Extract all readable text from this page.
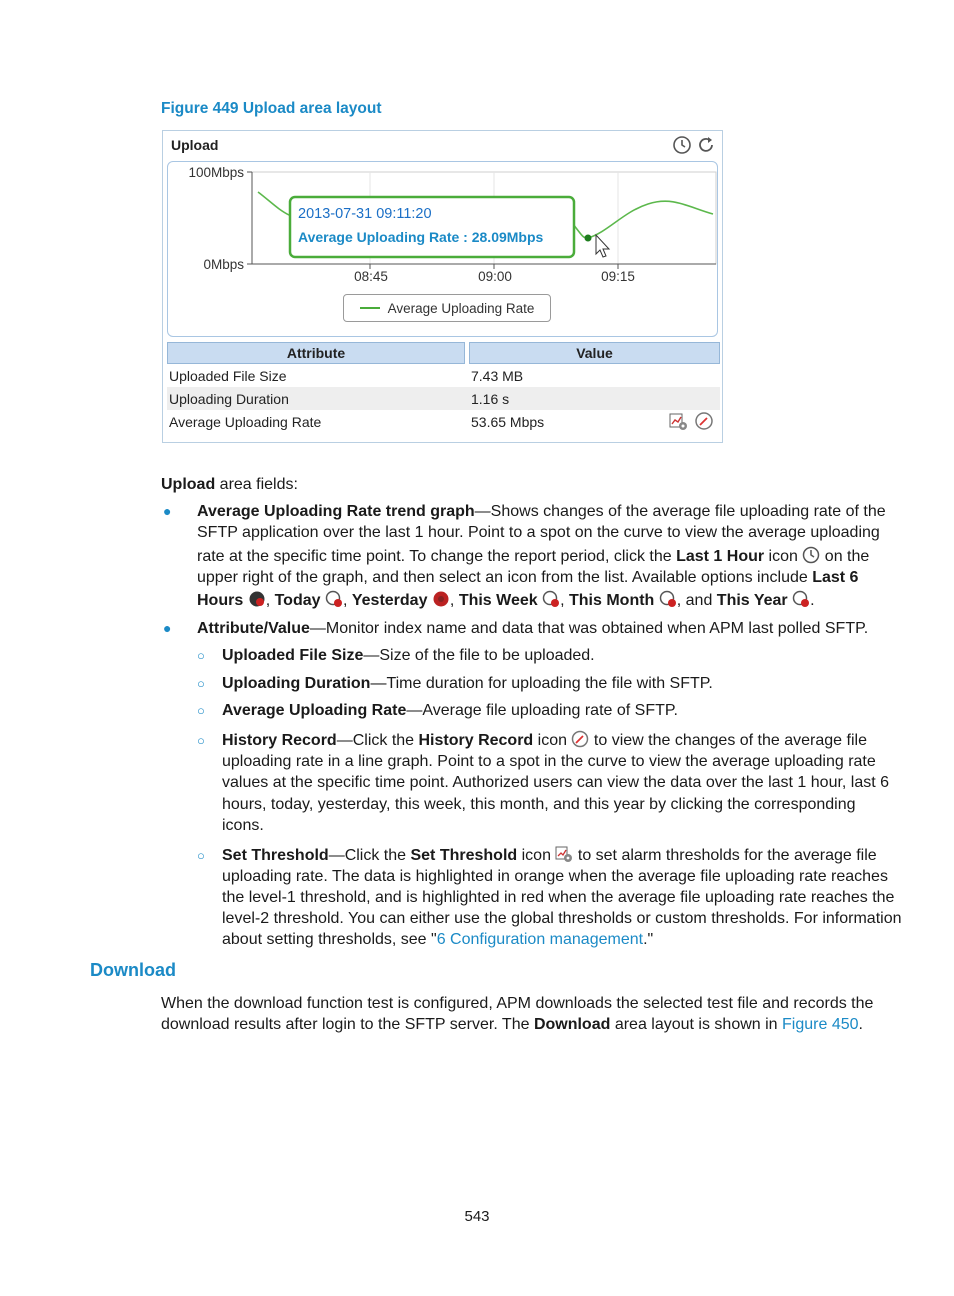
Figure 449 Upload area layout
Upload
100Mbps
0Mbps
08:45	09:00	09:15
2013-07-31 09:11:20
Average Uploading Rate : 28.09Mbps
Average Uploading Rate
Attribute		Value
Uploaded File Size		7.43 MB
Uploading Duration		1.16 s
Average Uploading Rate		53.65 Mbps
Upload area fields:
● Average Uploading Rate trend graph—Shows changes of the average file uploading rate of the
SFTP application over the last 1 hour. Point to a spot on the curve to view the average uploading
rate at the specific time point. To change the report period, click the Last 1 Hour icon  on the
upper right of the graph, and then select an icon from the list. Available options include Last 6
Hours , Today , Yesterday , This Week , This Month , and This Year .
● Attribute/Value—Monitor index name and data that was obtained when APM last polled SFTP.
○ Uploaded File Size—Size of the file to be uploaded.
○ Uploading Duration—Time duration for uploading the file with SFTP.
○ Average Uploading Rate—Average file uploading rate of SFTP.
○ History Record—Click the History Record icon  to view the changes of the average file
uploading rate in a line graph. Point to a spot in the curve to view the average uploading rate
values at the specific time point. Authorized users can view the data over the last 1 hour, last 6
hours, today, yesterday, this week, this month, and this year by clicking the corresponding
icons.
○ Set Threshold—Click the Set Threshold icon  to set alarm thresholds for the average file
uploading rate. The data is highlighted in orange when the average file uploading rate reaches
the level-1 threshold, and is highlighted in red when the average file uploading rate reaches the
level-2 threshold. You can either use the global thresholds or custom thresholds. For information
about setting thresholds, see "6 Configuration management."
Download
When the download function test is configured, APM downloads the selected test file and records the
download results after login to the SFTP server. The Download area layout is shown in Figure 450.
543
